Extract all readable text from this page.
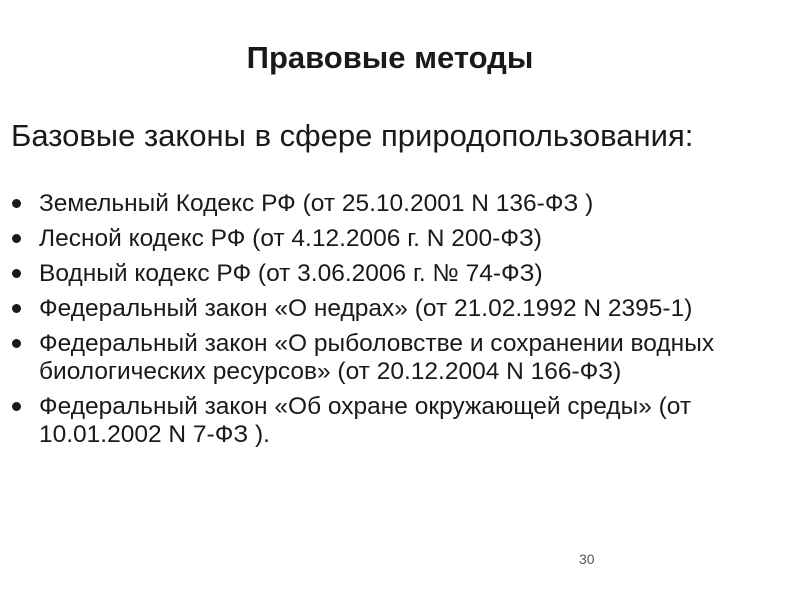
Правовые методы
Базовые законы в сфере природопользования:
Земельный Кодекс РФ (от 25.10.2001 N 136-ФЗ )
Лесной кодекс РФ (от 4.12.2006 г. N 200-ФЗ)
Водный кодекс РФ (от 3.06.2006 г. № 74-ФЗ)
Федеральный закон «О недрах» (от 21.02.1992 N 2395-1)
Федеральный закон «О рыболовстве и сохранении водных биологических ресурсов» (от 20.12.2004 N 166-ФЗ)
Федеральный закон «Об охране окружающей среды» (от 10.01.2002 N 7-ФЗ ).
30
